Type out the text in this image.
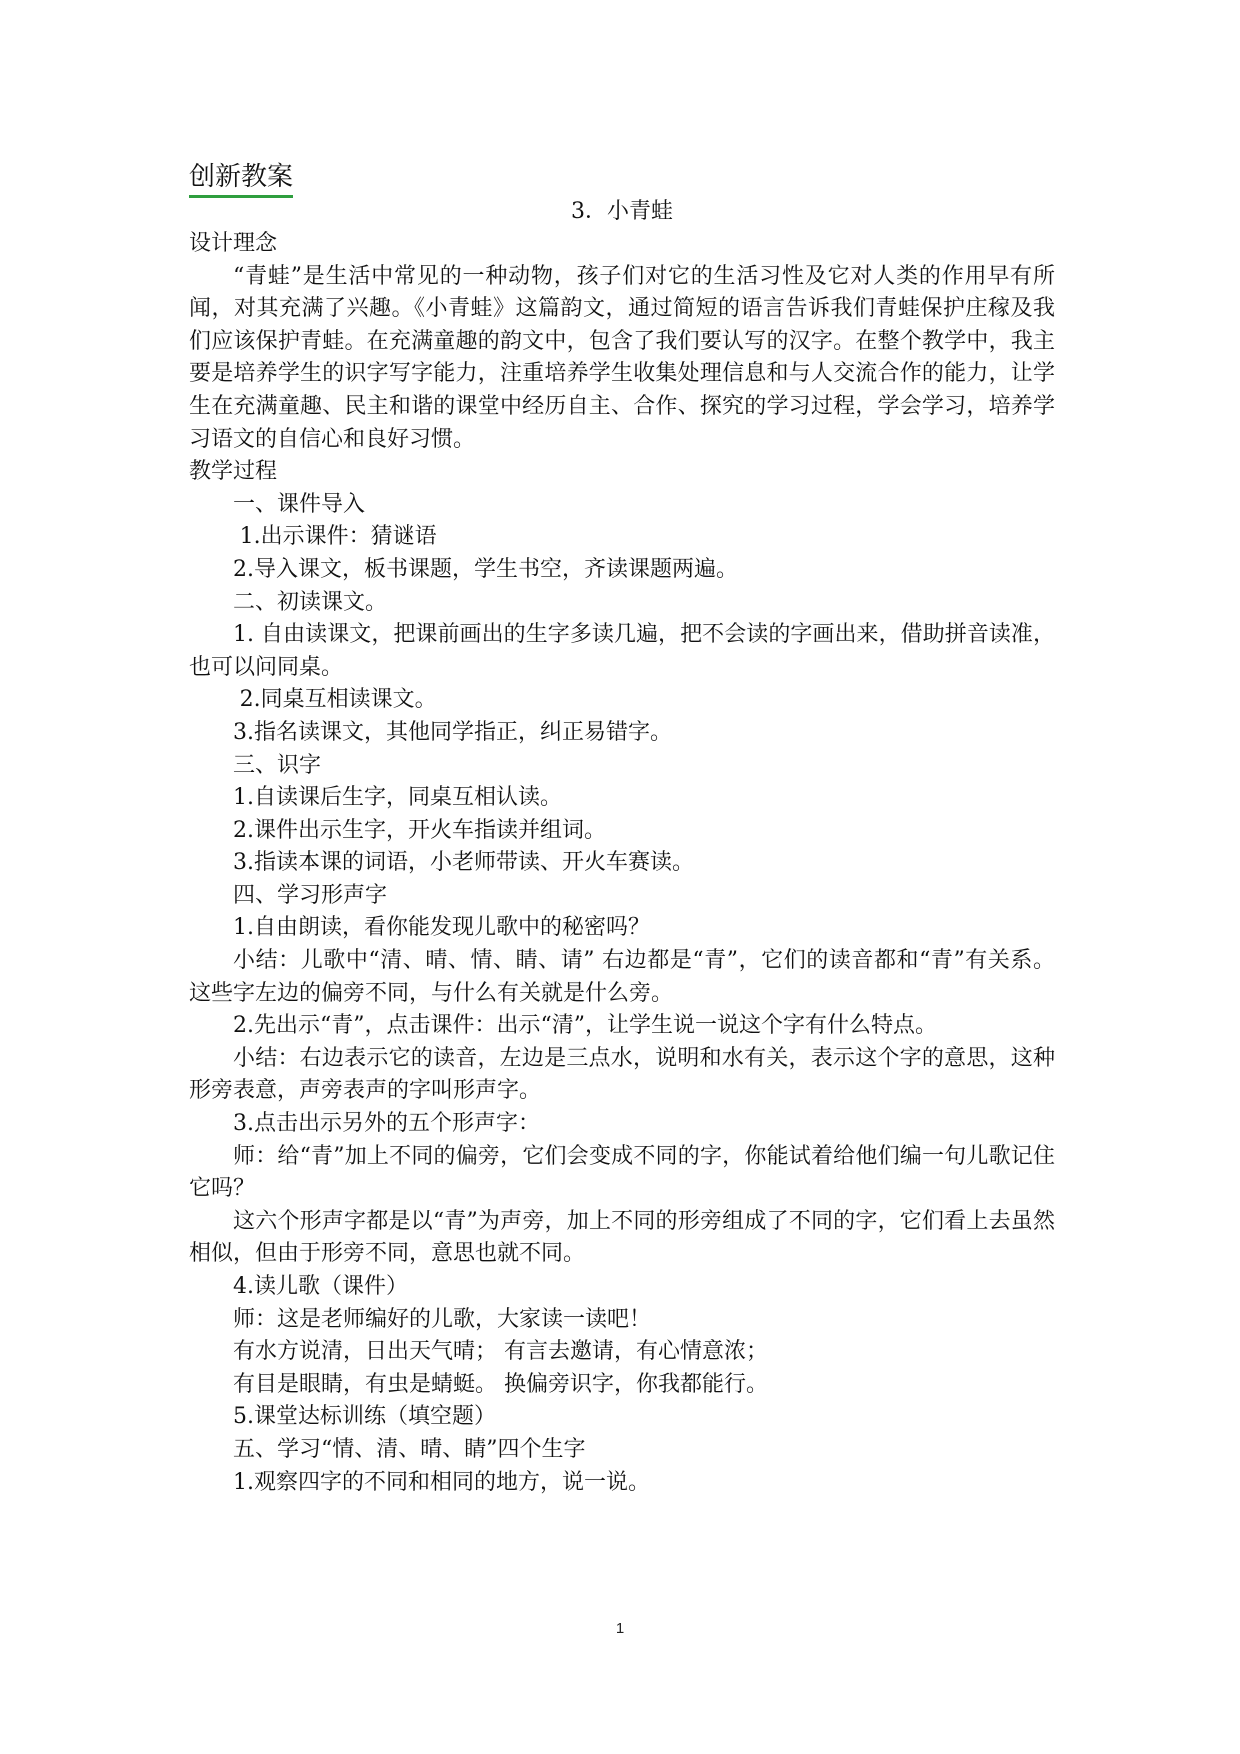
创新教案
3．小青蛙
设计理念
“青蛙”是生活中常见的一种动物，孩子们对它的生活习性及它对人类的作用早有所闻，对其充满了兴趣。《小青蛙》这篇韵文，通过简短的语言告诉我们青蛙保护庄稼及我们应该保护青蛙。在充满童趣的韵文中，包含了我们要认写的汉字。在整个教学中，我主要是培养学生的识字写字能力，注重培养学生收集处理信息和与人交流合作的能力，让学生在充满童趣、民主和谐的课堂中经历自主、合作、探究的学习过程，学会学习，培养学习语文的自信心和良好习惯。
教学过程
一、课件导入
1.出示课件：猜谜语
2.导入课文，板书课题，学生书空，齐读课题两遍。
二、初读课文。
1. 自由读课文，把课前画出的生字多读几遍，把不会读的字画出来，借助拼音读准，也可以问同桌。
2.同桌互相读课文。
3.指名读课文，其他同学指正，纠正易错字。
三、识字
1.自读课后生字，同桌互相认读。
2.课件出示生字，开火车指读并组词。
3.指读本课的词语，小老师带读、开火车赛读。
四、学习形声字
1.自由朗读，看你能发现儿歌中的秘密吗？
小结：儿歌中“清、晴、情、睛、请” 右边都是“青”，它们的读音都和“青”有关系。这些字左边的偏旁不同，与什么有关就是什么旁。
2.先出示“青”，点击课件：出示“清”，让学生说一说这个字有什么特点。
小结：右边表示它的读音，左边是三点水，说明和水有关，表示这个字的意思，这种形旁表意，声旁表声的字叫形声字。
3.点击出示另外的五个形声字：
师：给“青”加上不同的偏旁，它们会变成不同的字，你能试着给他们编一句儿歌记住它吗？
这六个形声字都是以“青”为声旁，加上不同的形旁组成了不同的字，它们看上去虽然相似，但由于形旁不同，意思也就不同。
4.读儿歌（课件）
师：这是老师编好的儿歌，大家读一读吧！
有水方说清，日出天气晴； 有言去邀请，有心情意浓；
有目是眼睛，有虫是蜻蜓。 换偏旁识字，你我都能行。
5.课堂达标训练（填空题）
五、学习“情、清、晴、睛”四个生字
1.观察四字的不同和相同的地方，说一说。
1
